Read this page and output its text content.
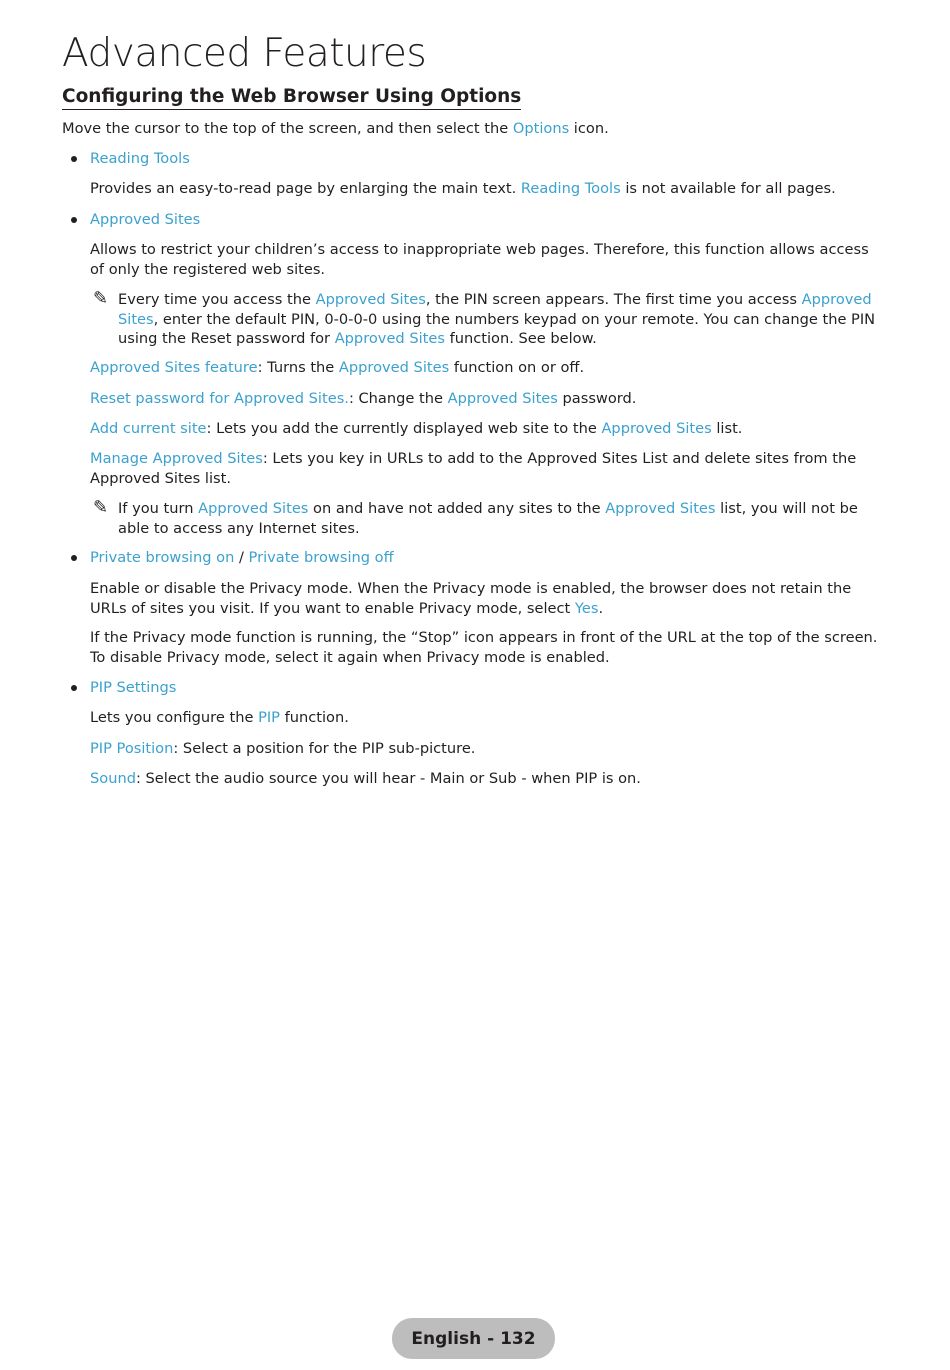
Advanced Features
Configuring the Web Browser Using Options

Move the cursor to the top of the screen, and then select the Options icon.

Reading Tools

Provides an easy-to-read page by enlarging the main text. Reading Tools is not available for all pages.

Approved Sites

Allows to restrict your children’s access to inappropriate web pages. Therefore, this function allows access of only the registered web sites.

✎ Every time you access the Approved Sites, the PIN screen appears. The first time you access Approved Sites, enter the default PIN, 0-0-0-0 using the numbers keypad on your remote. You can change the PIN using the Reset password for Approved Sites function. See below.

Approved Sites feature: Turns the Approved Sites function on or off.

Reset password for Approved Sites.: Change the Approved Sites password.

Add current site: Lets you add the currently displayed web site to the Approved Sites list.

Manage Approved Sites: Lets you key in URLs to add to the Approved Sites List and delete sites from the Approved Sites list.

✎ If you turn Approved Sites on and have not added any sites to the Approved Sites list, you will not be able to access any Internet sites.

Private browsing on / Private browsing off

Enable or disable the Privacy mode. When the Privacy mode is enabled, the browser does not retain the URLs of sites you visit. If you want to enable Privacy mode, select Yes.

If the Privacy mode function is running, the “Stop” icon appears in front of the URL at the top of the screen. To disable Privacy mode, select it again when Privacy mode is enabled.

PIP Settings

Lets you configure the PIP function.

PIP Position: Select a position for the PIP sub-picture.

Sound: Select the audio source you will hear - Main or Sub - when PIP is on.

English - 132
